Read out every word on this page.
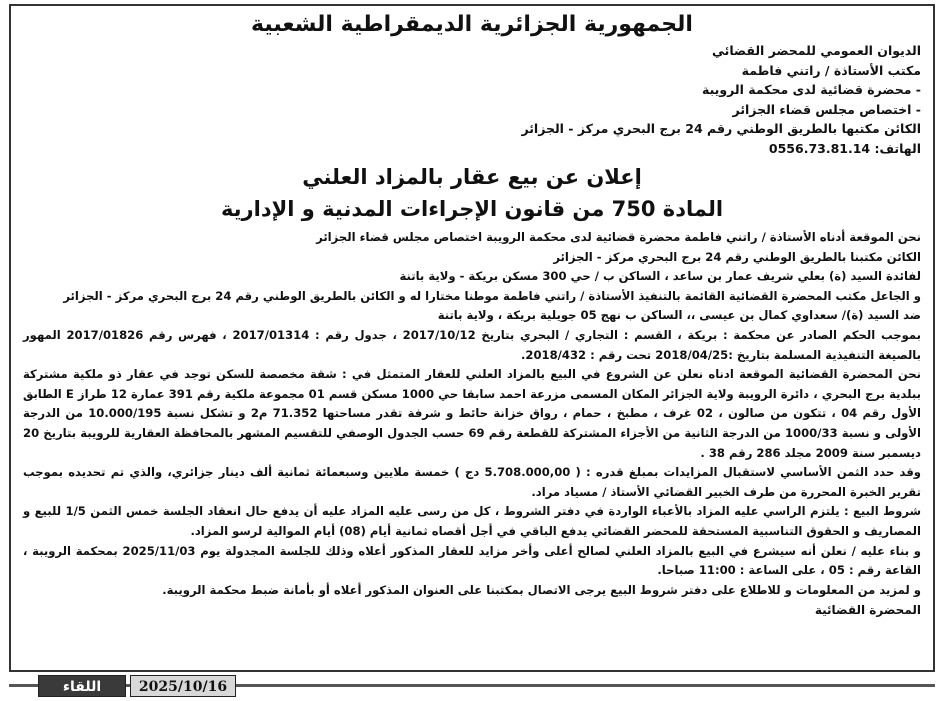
الجمهورية الجزائرية الديمقراطية الشعبية
الديوان العمومي للمحضر القضائي
مكتب الأستاذة / راتني فاطمة
- محضرة قضائية لدى محكمة الرويبة
- اختصاص مجلس قضاء الجزائر
الكائن مكتبها بالطريق الوطني رقم 24 برج البحري مركز - الجزائر
الهاتف: 0556.73.81.14
إعلان عن بيع عقار بالمزاد العلني
المادة 750 من قانون الإجراءات المدنية و الإدارية

نحن الموقعة أدناه الأستاذة / راتني فاطمة محضرة قضائية لدى محكمة الرويبة اختصاص مجلس قضاء الجزائر

الكائن مكتبنا بالطريق الوطني رقم 24 برج البحري مركز - الجزائر

لفائدة السيد (ة) بعلي شريف عمار بن ساعد ، الساكن ب / حي 300 مسكن بريكة - ولاية باتنة

و الجاعل مكتب المحضرة القضائية القائمة بالتنفيذ الأستاذة / راتني فاطمة موطنا مختارا له و الكائن بالطريق الوطني رقم 24 برج البحري مركز - الجزائر

ضد السيد (ة)/ سعداوي كمال بن عيسى ،، الساكن ب نهج 05 جويلية بريكة ، ولاية باتنة

بموجب الحكم الصادر عن محكمة : بريكة ، القسم : التجاري / البحري بتاريخ 2017/10/12 ، جدول رقم : 2017/01314 ، فهرس رقم 2017/01826 المهور بالصيغة التنفيذية المسلمة بتاريخ :2018/04/25 تحت رقم : 2018/432.

نحن المحضرة القضائية الموقعة ادناه نعلن عن الشروع في البيع بالمزاد العلني للعقار المتمثل في : شقة مخصصة للسكن توجد في عقار ذو ملكية مشتركة ببلدية برج البحري ، دائرة الرويبة ولاية الجزائر المكان المسمى مزرعة احمد سابقا حي 1000 مسكن قسم 01 مجموعة ملكية رقم 391 عمارة 12 طراز E الطابق الأول رقم 04 ، تتكون من صالون ، 02 غرف ، مطبخ ، حمام ، رواق خزانة حائط و شرفة تقدر مساحتها 71.352 م2 و تشكل نسبة 10.000/195 من الدرجة الأولى و نسبة 1000/33 من الدرجة الثانية من الأجزاء المشتركة للقطعة رقم 69 حسب الجدول الوصفي للتقسيم المشهر بالمحافظة العقارية للرويبة بتاريخ 20 ديسمبر سنة 2009 مجلد 286 رقم 38 .

وقد حدد الثمن الأساسي لاستقبال المزايدات بمبلغ قدره : ( 5.708.000,00 دج ) خمسة ملايين وسبعمائة ثمانية ألف دينار جزائري، والذي تم تحديده بموجب تقرير الخبرة المحررة من طرف الخبير القضائي الأستاذ / مسياد مراد.

شروط البيع : يلتزم الراسي عليه المزاد بالأعباء الواردة في دفتر الشروط ، كل من رسى عليه المزاد عليه أن يدفع حال انعقاد الجلسة خمس الثمن 1/5 للبيع و المصاريف و الحقوق التناسبية المستحقة للمحضر القضائي يدفع الباقي في أجل أقصاه ثمانية أيام (08) أيام الموالية لرسو المزاد.

و بناء عليه / نعلن أنه سيشرع في البيع بالمزاد العلني لصالح أعلى وأخر مزايد للعقار المذكور أعلاه وذلك للجلسة المجدولة يوم 2025/11/03 بمحكمة الرويبة ، القاعة رقم : 05 ، على الساعة : 11:00 صباحا.

و لمزيد من المعلومات و للاطلاع على دفتر شروط البيع يرجى الاتصال بمكتبنا على العنوان المذكور أعلاه أو بأمانة ضبط محكمة الرويبة.

المحضرة القضائية
اللقاء	2025/10/16
